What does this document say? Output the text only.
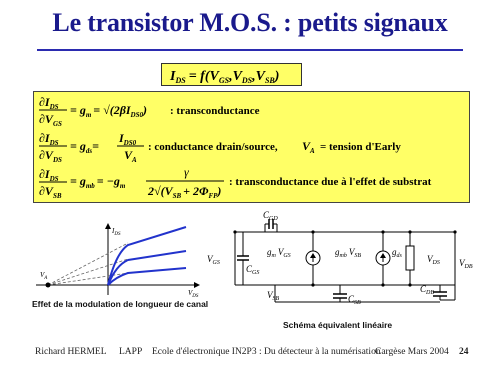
Le transistor M.O.S. : petits signaux
$I_{DS} = f(V_{GS},V_{DS},V_{SB})$
$\partial I_{DS}$
$\partial V_{GS}$
= $g_m = √(2\beta I_{DS0})$ : transconductance
$\partial I_{DS}$
$\partial V_{DS}$
= $g_{ds}=$
$I_{DS0}$
$V_A$
: conductance drain/source, $V_A$ = tension d'Early
$\partial I_{DS}$
$\partial V_{SB}$
= $g_{mb} = -g_m$
γ
$2√(V_{SB} + 2\Phi_{FP})$
: transconductance due à l'effet de substrat
$I_{DS}$
$V_{DS}$
$V_A$
Effet de la modulation de longueur de canal
$C_{GD}$
$V_{GS}$
$C_{GS}$
$g_m$ $V_{GS}$	$g_{mb}$ $V_{SB}$	$g_{ds}$	$V_{DS}$ $V_{DB}$
$V_{SB}$	$C_{SB}$
$C_{DB}$
Schéma équivalent linéaire
Richard HERMEL LAPP Ecole d'électronique IN2P3 : Du détecteur à la numérisation
Cargèse Mars 2004 24
